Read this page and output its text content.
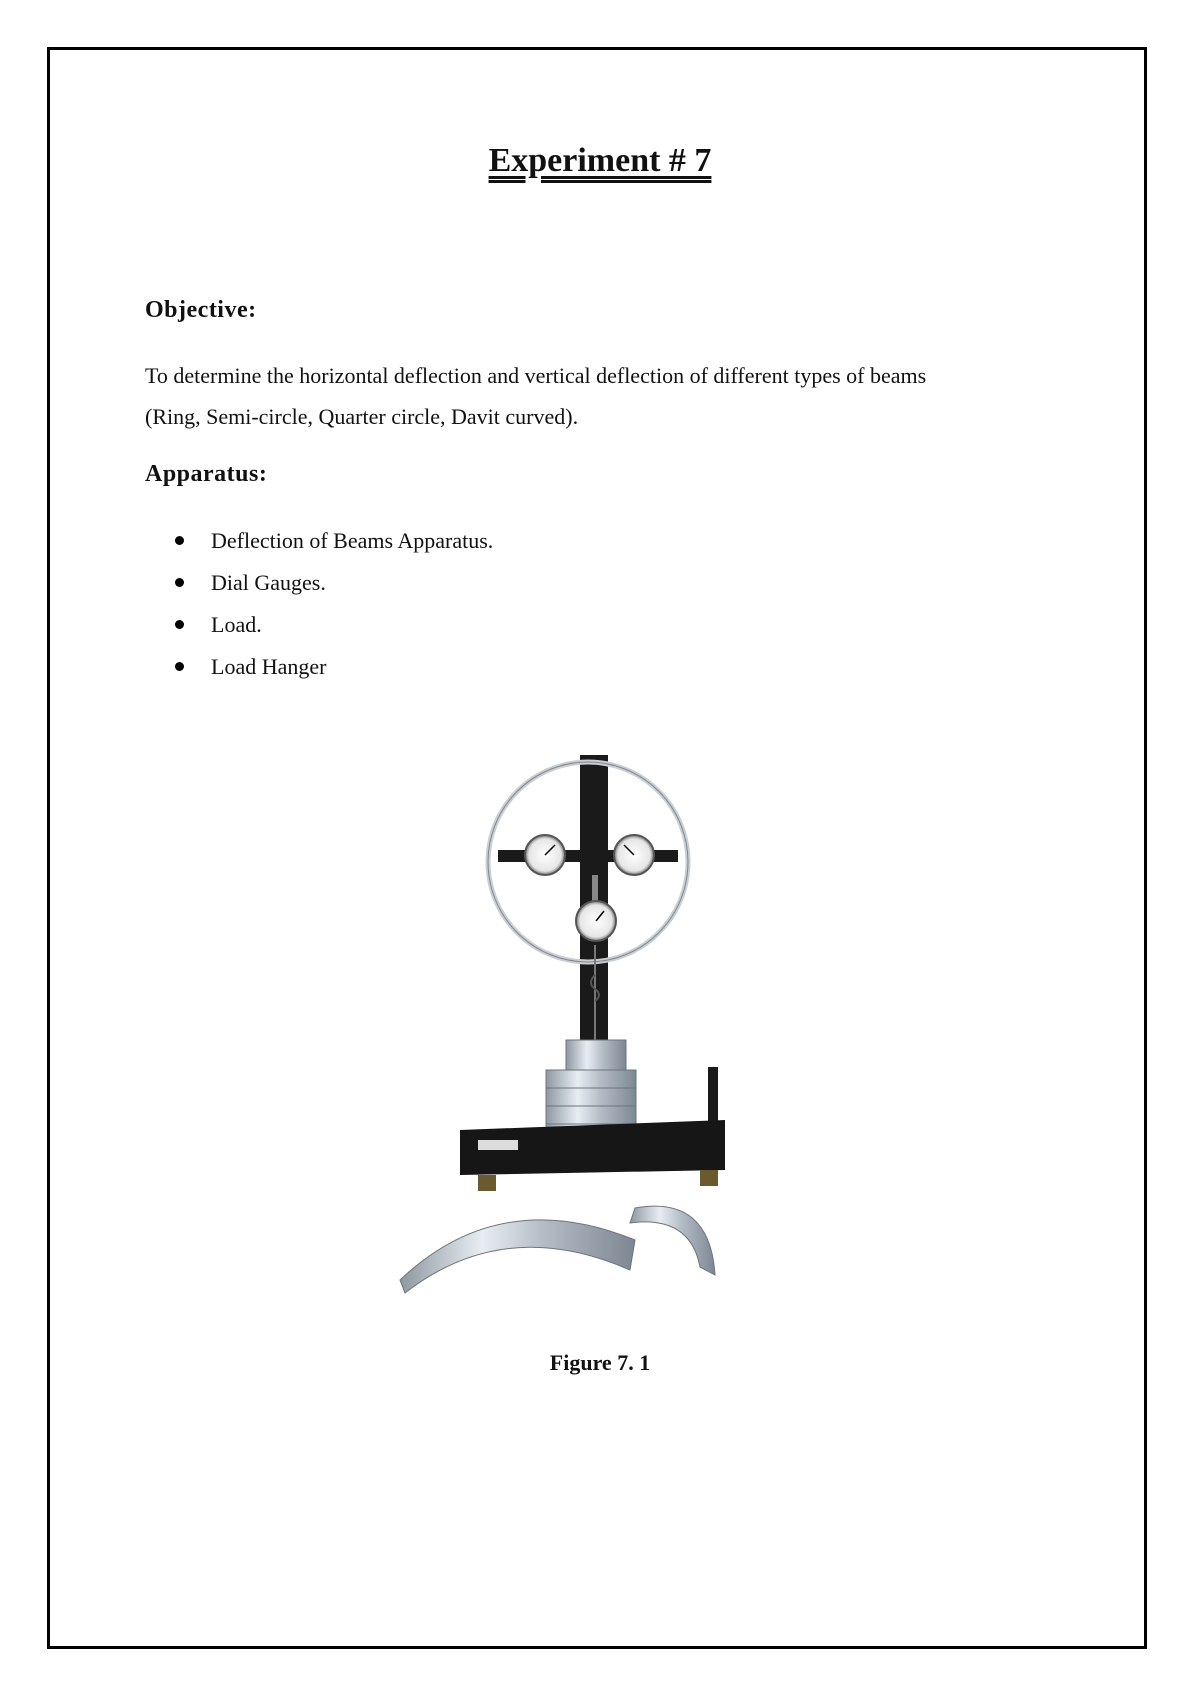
Experiment # 7
Objective:
To determine the horizontal deflection and vertical deflection of different types of beams
(Ring, Semi-circle, Quarter circle, Davit curved).
Apparatus:
Deflection of Beams Apparatus.
Dial Gauges.
Load.
Load Hanger
Figure 7. 1
